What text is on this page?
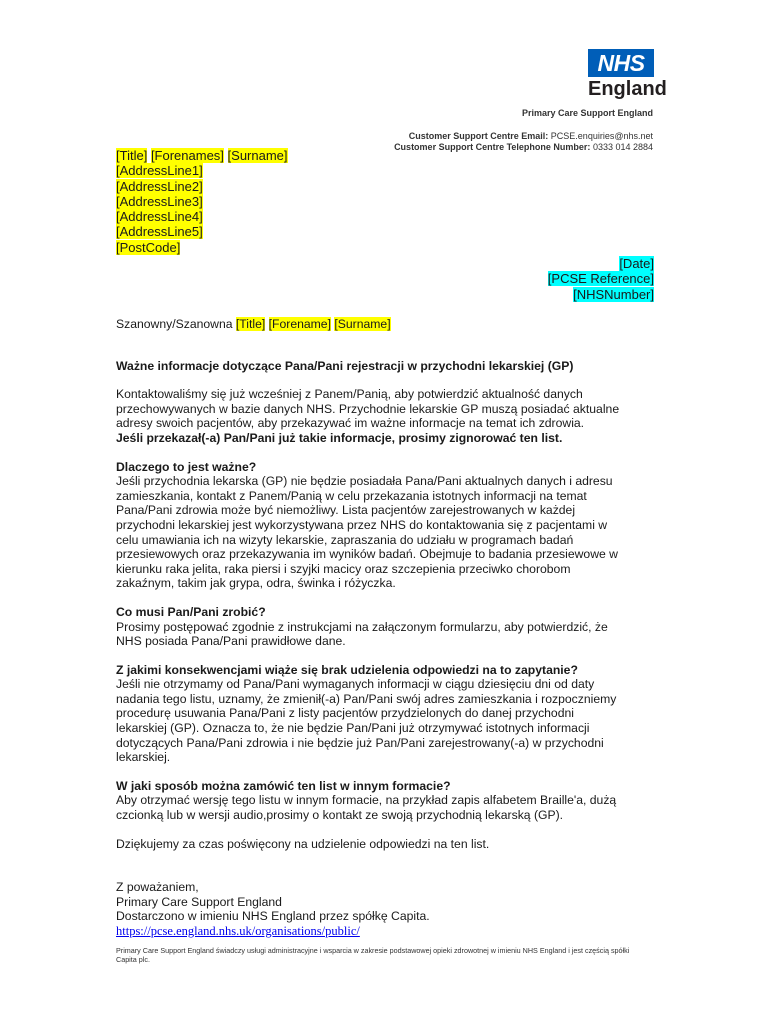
NHS
England
Primary Care Support England
Customer Support Centre Email: PCSE.enquiries@nhs.net
Customer Support Centre Telephone Number: 0333 014 2884
[Title] [Forenames] [Surname]
[AddressLine1]
[AddressLine2]
[AddressLine3]
[AddressLine4]
[AddressLine5]
[PostCode]
[Date]
[PCSE Reference]
[NHSNumber]

Szanowny/Szanowna [Title] [Forename] [Surname]

Ważne informacje dotyczące Pana/Pani rejestracji w przychodni lekarskiej (GP)

Kontaktowaliśmy się już wcześniej z Panem/Panią, aby potwierdzić aktualność danych

przechowywanych w bazie danych NHS. Przychodnie lekarskie GP muszą posiadać aktualne

adresy swoich pacjentów, aby przekazywać im ważne informacje na temat ich zdrowia.

Jeśli przekazał(-a) Pan/Pani już takie informacje, prosimy zignorować ten list.

Dlaczego to jest ważne?

Jeśli przychodnia lekarska (GP) nie będzie posiadała Pana/Pani aktualnych danych i adresu

zamieszkania, kontakt z Panem/Panią w celu przekazania istotnych informacji na temat

Pana/Pani zdrowia może być niemożliwy. Lista pacjentów zarejestrowanych w każdej

przychodni lekarskiej jest wykorzystywana przez NHS do kontaktowania się z pacjentami w

celu umawiania ich na wizyty lekarskie, zapraszania do udziału w programach badań

przesiewowych oraz przekazywania im wyników badań. Obejmuje to badania przesiewowe w

kierunku raka jelita, raka piersi i szyjki macicy oraz szczepienia przeciwko chorobom

zakaźnym, takim jak grypa, odra, świnka i różyczka.

Co musi Pan/Pani zrobić?

Prosimy postępować zgodnie z instrukcjami na załączonym formularzu, aby potwierdzić, że

NHS posiada Pana/Pani prawidłowe dane.

Z jakimi konsekwencjami wiąże się brak udzielenia odpowiedzi na to zapytanie?

Jeśli nie otrzymamy od Pana/Pani wymaganych informacji w ciągu dziesięciu dni od daty

nadania tego listu, uznamy, że zmienił(-a) Pan/Pani swój adres zamieszkania i rozpoczniemy

procedurę usuwania Pana/Pani z listy pacjentów przydzielonych do danej przychodni

lekarskiej (GP). Oznacza to, że nie będzie Pan/Pani już otrzymywać istotnych informacji

dotyczących Pana/Pani zdrowia i nie będzie już Pan/Pani zarejestrowany(-a) w przychodni

lekarskiej.

W jaki sposób można zamówić ten list w innym formacie?

Aby otrzymać wersję tego listu w innym formacie, na przykład zapis alfabetem Braille'a, dużą

czcionką lub w wersji audio,prosimy o kontakt ze swoją przychodnią lekarską (GP).

Dziękujemy za czas poświęcony na udzielenie odpowiedzi na ten list.

Z poważaniem,

Primary Care Support England

Dostarczono w imieniu NHS England przez spółkę Capita.

https://pcse.england.nhs.uk/organisations/public/

Primary Care Support England świadczy usługi administracyjne i wsparcia w zakresie podstawowej opieki zdrowotnej w imieniu NHS England i jest częścią spółki
Capita plc.
